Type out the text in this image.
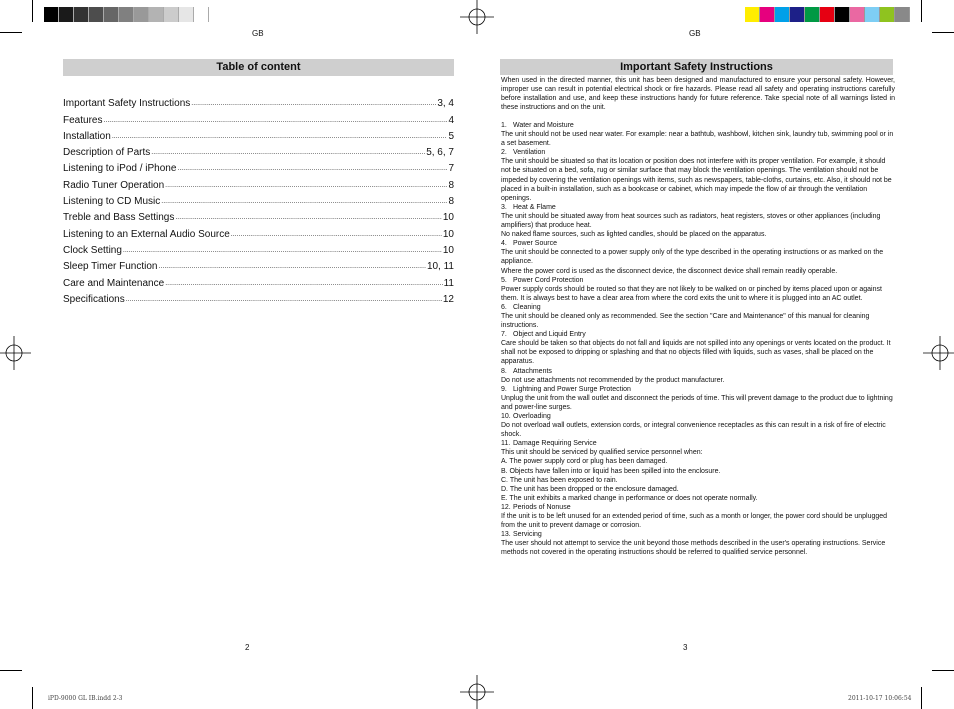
GB
Table of content
Important Safety Instructions .....	3, 4
Features .....	4
Installation .....	5
Description of Parts .....	5, 6, 7
Listening to iPod / iPhone .....	7
Radio Tuner Operation .....	8
Listening to CD Music .....	8
Treble and Bass Settings .....	10
Listening to an External Audio Source .....	10
Clock Setting .....	10
Sleep Timer Function .....	10, 11
Care and Maintenance .....	11
Specifications .....	12
2
iPD-9000 GL IB.indd 2-3
GB
Important Safety Instructions
When used in the directed manner, this unit has been designed and manufactured to ensure your personal safety. However, improper use can result in potential electrical shock or fire hazards. Please read all safety and operating instructions carefully before installation and use, and keep these instructions handy for future reference. Take special note of all warnings listed in these instructions and on the unit.
1. Water and Moisture
The unit should not be used near water. For example: near a bathtub, washbowl, kitchen sink, laundry tub, swimming pool or in a set basement.
2. Ventilation
The unit should be situated so that its location or position does not interfere with its proper ventilation. For example, it should not be situated on a bed, sofa, rug or similar surface that may block the ventilation openings. The ventilation should not be impeded by covering the ventilation openings with items, such as newspapers, table-cloths, curtains, etc. Also, it should not be placed in a built-in installation, such as a bookcase or cabinet, which may impede the flow of air through the ventilation openings.
3. Heat & Flame
The unit should be situated away from heat sources such as radiators, heat registers, stoves or other appliances (including amplifiers) that produce heat.
No naked flame sources, such as lighted candles, should be placed on the apparatus.
4. Power Source
The unit should be connected to a power supply only of the type described in the operating instructions or as marked on the appliance.
Where the power cord is used as the disconnect device, the disconnect device shall remain readily operable.
5. Power Cord Protection
Power supply cords should be routed so that they are not likely to be walked on or pinched by items placed upon or against them. It is always best to have a clear area from where the cord exits the unit to where it is plugged into an AC outlet.
6. Cleaning
The unit should be cleaned only as recommended. See the section "Care and Maintenance" of this manual for cleaning instructions.
7. Object and Liquid Entry
Care should be taken so that objects do not fall and liquids are not spilled into any openings or vents located on the product. It shall not be exposed to dripping or splashing and that no objects filled with liquids, such as vases, shall be placed on the apparatus.
8. Attachments
Do not use attachments not recommended by the product manufacturer.
9. Lightning and Power Surge Protection
Unplug the unit from the wall outlet and disconnect the periods of time. This will prevent damage to the product due to lightning and power-line surges.
10. Overloading
Do not overload wall outlets, extension cords, or integral convenience receptacles as this can result in a risk of fire of electric shock.
11. Damage Requiring Service
This unit should be serviced by qualified service personnel when:
A. The power supply cord or plug has been damaged.
B. Objects have fallen into or liquid has been spilled into the enclosure.
C. The unit has been exposed to rain.
D. The unit has been dropped or the enclosure damaged.
E. The unit exhibits a marked change in performance or does not operate normally.
12. Periods of Nonuse
If the unit is to be left unused for an extended period of time, such as a month or longer, the power cord should be unplugged from the unit to prevent damage or corrosion.
13. Servicing
The user should not attempt to service the unit beyond those methods described in the user's operating instructions. Service methods not covered in the operating instructions should be referred to qualified service personnel.
3
2011-10-17 10:06:54
